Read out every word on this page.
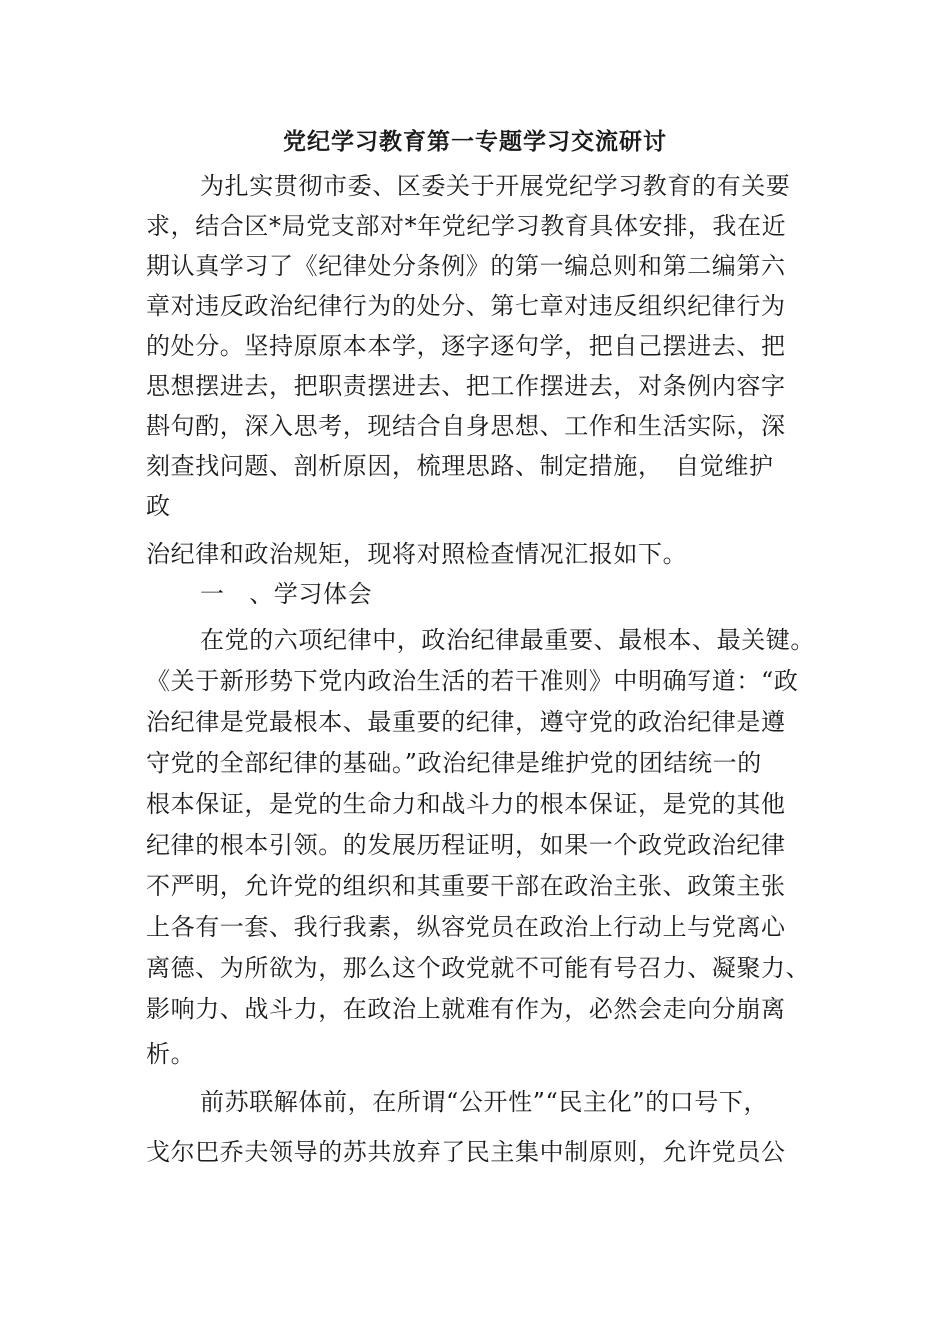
党纪学习教育第一专题学习交流研讨
为扎实贯彻市委、区委关于开展党纪学习教育的有关要
求，结合区*局党支部对*年党纪学习教育具体安排，我在近
期认真学习了《纪律处分条例》的第一编总则和第二编第六
章对违反政治纪律行为的处分、第七章对违反组织纪律行为
的处分。坚持原原本本学，逐字逐句学，把自己摆进去、把
思想摆进去，把职责摆进去、把工作摆进去，对条例内容字
斟句酌，深入思考，现结合自身思想、工作和生活实际，深
刻查找问题、剖析原因，梳理思路、制定措施，　自觉维护
政
治纪律和政治规矩，现将对照检查情况汇报如下。
一　、学习体会
在党的六项纪律中，政治纪律最重要、最根本、最关键。
《关于新形势下党内政治生活的若干准则》中明确写道：“政
治纪律是党最根本、最重要的纪律，遵守党的政治纪律是遵
守党的全部纪律的基础。”政治纪律是维护党的团结统一的
根本保证，是党的生命力和战斗力的根本保证，是党的其他
纪律的根本引领。的发展历程证明，如果一个政党政治纪律
不严明，允许党的组织和其重要干部在政治主张、政策主张
上各有一套、我行我素，纵容党员在政治上行动上与党离心
离德、为所欲为，那么这个政党就不可能有号召力、凝聚力、
影响力、战斗力，在政治上就难有作为，必然会走向分崩离
析。
前苏联解体前，在所谓“公开性”“民主化”的口号下，
戈尔巴乔夫领导的苏共放弃了民主集中制原则，允许党员公
